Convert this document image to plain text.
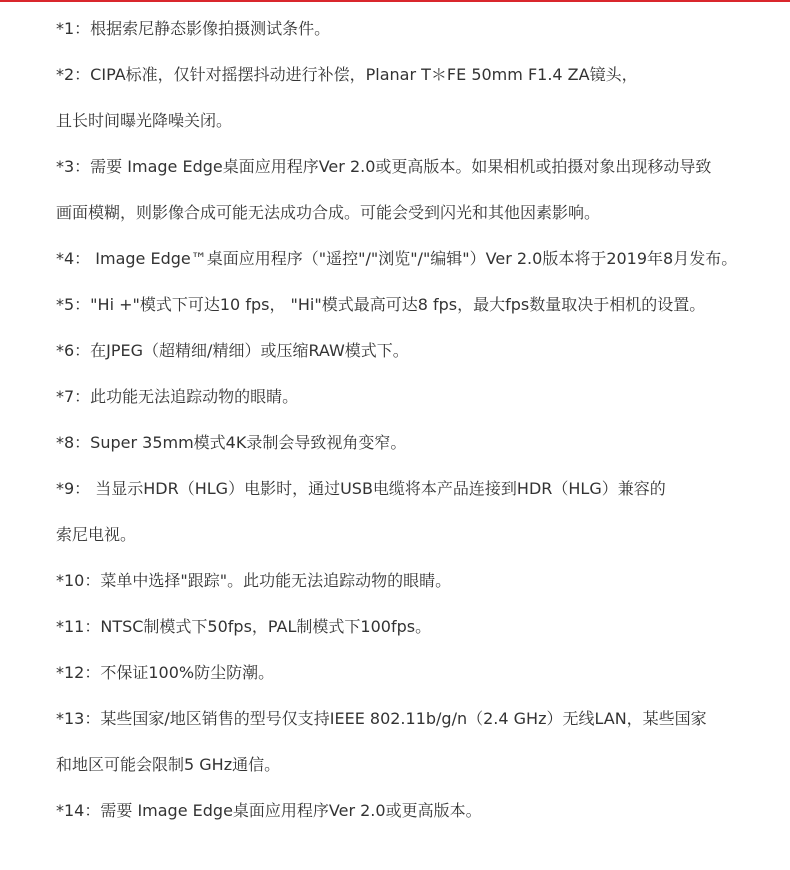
*1：根据索尼静态影像拍摄测试条件。
*2：CIPA标准，仅针对摇摆抖动进行补偿，Planar T＊FE 50mm F1.4 ZA镜头，
且长时间曝光降噪关闭。
*3：需要 Image Edge桌面应用程序Ver 2.0或更高版本。如果相机或拍摄对象出现移动导致
画面模糊，则影像合成可能无法成功合成。可能会受到闪光和其他因素影响。
*4： Image Edge™桌面应用程序（"遥控"/"浏览"/"编辑"）Ver 2.0版本将于2019年8月发布。
*5："Hi +"模式下可达10 fps， "Hi"模式最高可达8 fps，最大fps数量取决于相机的设置。
*6：在JPEG（超精细/精细）或压缩RAW模式下。
*7：此功能无法追踪动物的眼睛。
*8：Super 35mm模式4K录制会导致视角变窄。
*9： 当显示HDR（HLG）电影时，通过USB电缆将本产品连接到HDR（HLG）兼容的
索尼电视。
*10：菜单中选择"跟踪"。此功能无法追踪动物的眼睛。
*11：NTSC制模式下50fps，PAL制模式下100fps。
*12：不保证100%防尘防潮。
*13：某些国家/地区销售的型号仅支持IEEE 802.11b/g/n（2.4 GHz）无线LAN，某些国家
和地区可能会限制5 GHz通信。
*14：需要 Image Edge桌面应用程序Ver 2.0或更高版本。
